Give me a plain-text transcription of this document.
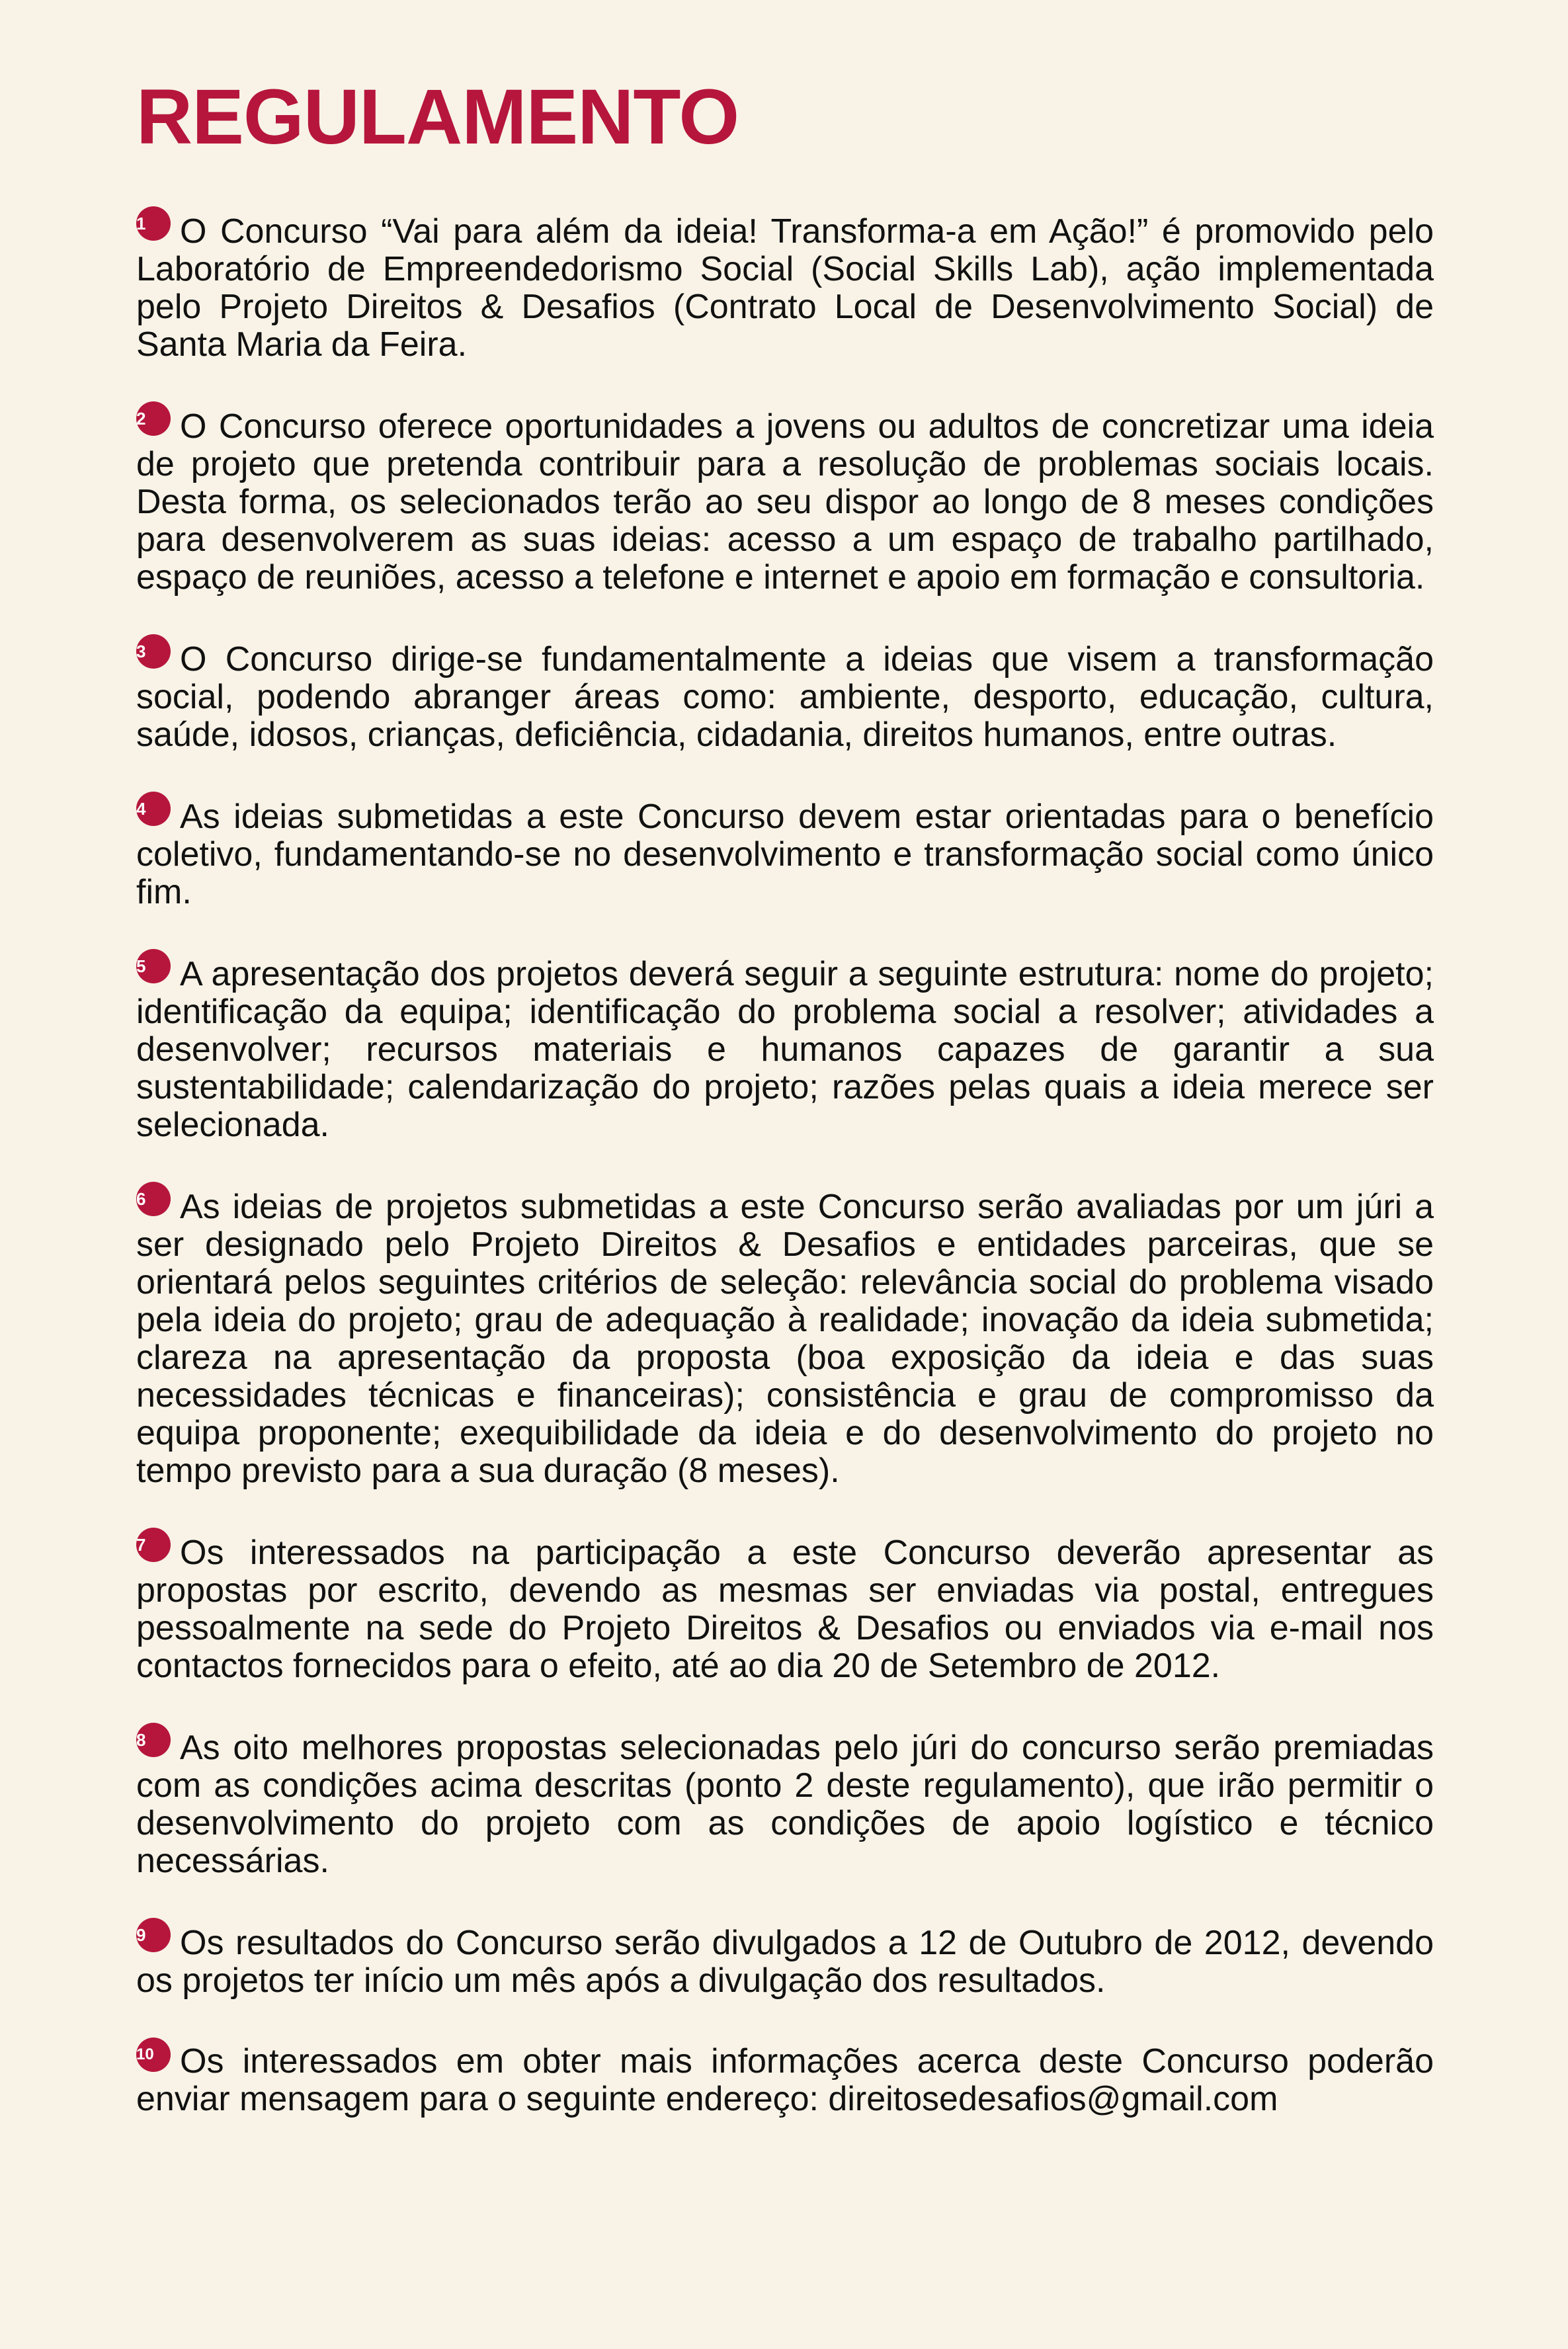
REGULAMENTO
1 O Concurso “Vai para além da ideia! Transforma-a em Ação!” é promovido pelo Laboratório de Empreendedorismo Social (Social Skills Lab), ação implementada pelo Projeto Direitos & Desafios (Contrato Local de Desenvolvimento Social) de Santa Maria da Feira.
2 O Concurso oferece oportunidades a jovens ou adultos de concretizar uma ideia de projeto que pretenda contribuir para a resolução de problemas sociais locais. Desta forma, os selecionados terão ao seu dispor ao longo de 8 meses condições para desenvolverem as suas ideias: acesso a um espaço de trabalho partilhado, espaço de reuniões, acesso a telefone e internet e apoio em formação e consultoria.
3 O Concurso dirige-se fundamentalmente a ideias que visem a transformação social, podendo abranger áreas como: ambiente, desporto, educação, cultura, saúde, idosos, crianças, deficiência, cidadania, direitos humanos, entre outras.
4 As ideias submetidas a este Concurso devem estar orientadas para o benefício coletivo, fundamentando-se no desenvolvimento e transformação social como único fim.
5 A apresentação dos projetos deverá seguir a seguinte estrutura: nome do projeto; identificação da equipa; identificação do problema social a resolver; atividades a desenvolver; recursos materiais e humanos capazes de garantir a sua sustentabilidade; calendarização do projeto; razões pelas quais a ideia merece ser selecionada.
6 As ideias de projetos submetidas a este Concurso serão avaliadas por um júri a ser designado pelo Projeto Direitos & Desafios e entidades parceiras, que se orientará pelos seguintes critérios de seleção: relevância social do problema visado pela ideia do projeto; grau de adequação à realidade; inovação da ideia submetida; clareza na apresentação da proposta (boa exposição da ideia e das suas necessidades técnicas e financeiras); consistência e grau de compromisso da equipa proponente; exequibilidade da ideia e do desenvolvimento do projeto no tempo previsto para a sua duração (8 meses).
7 Os interessados na participação a este Concurso deverão apresentar as propostas por escrito, devendo as mesmas ser enviadas via postal, entregues pessoalmente na sede do Projeto Direitos & Desafios ou enviados via e-mail nos contactos fornecidos para o efeito, até ao dia 20 de Setembro de 2012.
8 As oito melhores propostas selecionadas pelo júri do concurso serão premiadas com as condições acima descritas (ponto 2 deste regulamento), que irão permitir o desenvolvimento do projeto com as condições de apoio logístico e técnico necessárias.
9 Os resultados do Concurso serão divulgados a 12 de Outubro de 2012, devendo os projetos ter início um mês após a divulgação dos resultados.
10 Os interessados em obter mais informações acerca deste Concurso poderão enviar mensagem para o seguinte endereço: direitosedesafios@gmail.com
